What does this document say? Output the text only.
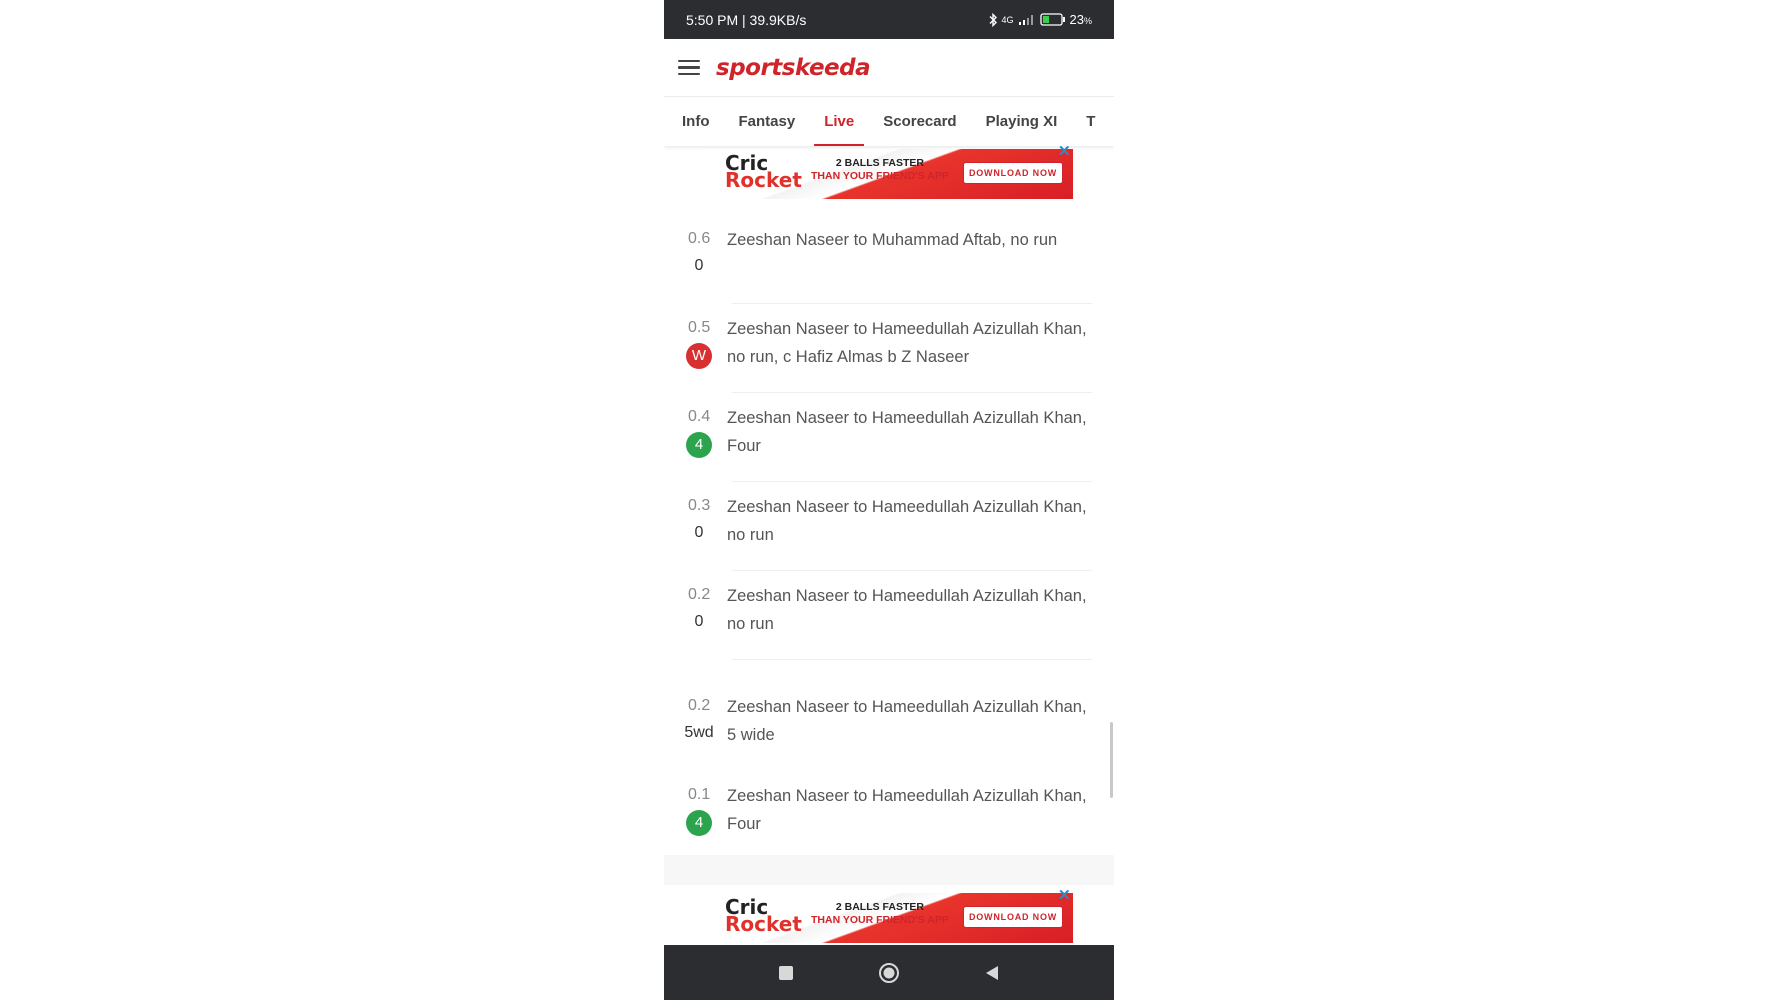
5:50 PM | 39.9KB/s	4G	23%
sportskeeda
Info Fantasy Live Scorecard Playing XI T
Cric
Rocket
2 BALLS FASTER
THAN YOUR FRIEND'S APP	DOWNLOAD NOW
✕
0.6
0
Zeeshan Naseer to Muhammad Aftab, no run
0.5
W
Zeeshan Naseer to Hameedullah Azizullah Khan, no run, c Hafiz Almas b Z Naseer
0.4
4
Zeeshan Naseer to Hameedullah Azizullah Khan, Four
0.3
0
Zeeshan Naseer to Hameedullah Azizullah Khan, no run
0.2
0
Zeeshan Naseer to Hameedullah Azizullah Khan, no run
0.2
5wd
Zeeshan Naseer to Hameedullah Azizullah Khan, 5 wide
0.1
4
Zeeshan Naseer to Hameedullah Azizullah Khan, Four
Cric
Rocket
2 BALLS FASTER
THAN YOUR FRIEND'S APP	DOWNLOAD NOW
✕
